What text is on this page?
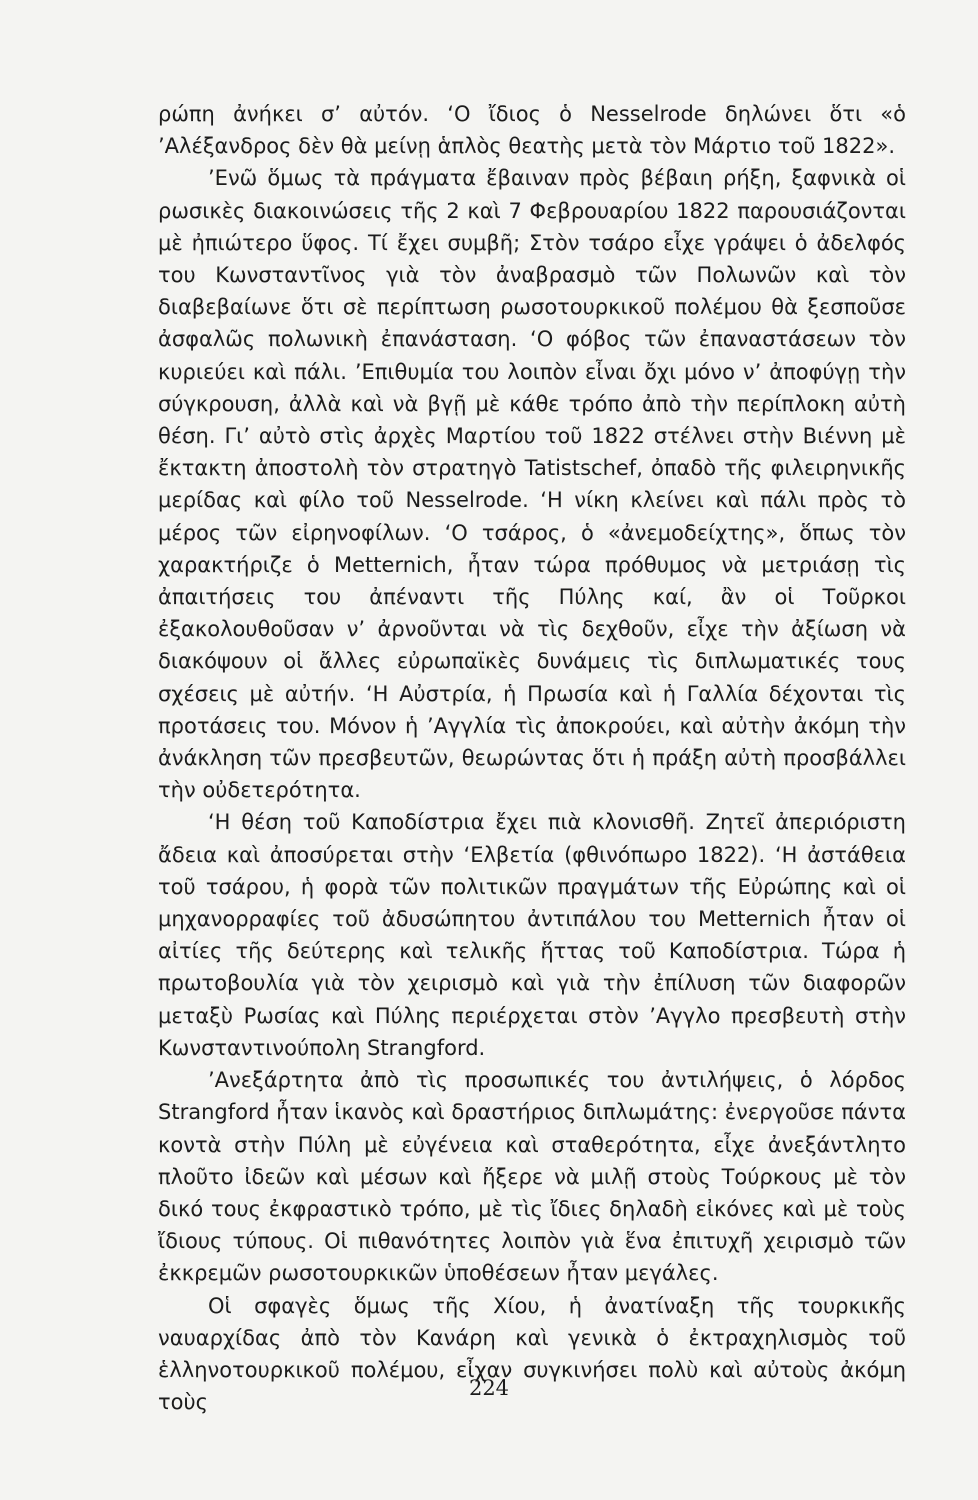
ρώπη ἀνήκει σ’ αὐτόν. ‘Ο ἴδιος ὁ Nesselrode δηλώνει ὅτι «ὁ ’Αλέξανδρος δὲν θὰ μείνῃ ἁπλὸς θεατὴς μετὰ τὸν Μάρτιο τοῦ 1822».

’Ενῶ ὅμως τὰ πράγματα ἔβαιναν πρὸς βέβαιη ρήξη, ξαφνικὰ οἱ ρωσικὲς διακοινώσεις τῆς 2 καὶ 7 Φεβρουαρίου 1822 παρουσιάζονται μὲ ἠπιώτερο ὕφος. Τί ἔχει συμβῆ; Στὸν τσάρο εἶχε γράψει ὁ ἀδελφός του Κωνσταντῖνος γιὰ τὸν ἀναβρασμὸ τῶν Πολωνῶν καὶ τὸν διαβεβαίωνε ὅτι σὲ περίπτωση ρωσοτουρκικοῦ πολέμου θὰ ξεσποῦσε ἀσφαλῶς πολωνικὴ ἐπανάσταση. ‘Ο φόβος τῶν ἐπαναστάσεων τὸν κυριεύει καὶ πάλι. ’Επιθυμία του λοιπὸν εἶναι ὄχι μόνο ν’ ἀποφύγῃ τὴν σύγκρουση, ἀλλὰ καὶ νὰ βγῇ μὲ κάθε τρόπο ἀπὸ τὴν περίπλοκη αὐτὴ θέση. Γι’ αὐτὸ στὶς ἀρχὲς Μαρτίου τοῦ 1822 στέλνει στὴν Βιέννη μὲ ἔκτακτη ἀποστολὴ τὸν στρατηγὸ Tatistschef, ὀπαδὸ τῆς φιλειρηνικῆς μερίδας καὶ φίλο τοῦ Nesselrode. ‘Η νίκη κλείνει καὶ πάλι πρὸς τὸ μέρος τῶν εἰρηνοφίλων. ‘Ο τσάρος, ὁ «ἀνεμοδείχτης», ὅπως τὸν χαρακτήριζε ὁ Metternich, ἦταν τώρα πρόθυμος νὰ μετριάσῃ τὶς ἀπαιτήσεις του ἀπέναντι τῆς Πύλης καί, ἂν οἱ Τοῦρκοι ἐξακολουθοῦσαν ν’ ἀρνοῦνται νὰ τὶς δεχθοῦν, εἶχε τὴν ἀξίωση νὰ διακόψουν οἱ ἄλλες εὐρωπαϊκὲς δυνάμεις τὶς διπλωματικές τους σχέσεις μὲ αὐτήν. ‘Η Αὐστρία, ἡ Πρωσία καὶ ἡ Γαλλία δέχονται τὶς προτάσεις του. Μόνον ἡ ’Αγγλία τὶς ἀποκρούει, καὶ αὐτὴν ἀκόμη τὴν ἀνάκληση τῶν πρεσβευτῶν, θεωρώντας ὅτι ἡ πράξη αὐτὴ προσβάλλει τὴν οὐδετερότητα.

‘Η θέση τοῦ Καποδίστρια ἔχει πιὰ κλονισθῆ. Ζητεῖ ἀπεριόριστη ἄδεια καὶ ἀποσύρεται στὴν ‘Ελβετία (φθινόπωρο 1822). ‘Η ἀστάθεια τοῦ τσάρου, ἡ φορὰ τῶν πολιτικῶν πραγμάτων τῆς Εὐρώπης καὶ οἱ μηχανορραφίες τοῦ ἀδυσώπητου ἀντιπάλου του Metternich ἦταν οἱ αἰτίες τῆς δεύτερης καὶ τελικῆς ἥττας τοῦ Καποδίστρια. Τώρα ἡ πρωτοβουλία γιὰ τὸν χειρισμὸ καὶ γιὰ τὴν ἐπίλυση τῶν διαφορῶν μεταξὺ Ρωσίας καὶ Πύλης περιέρχεται στὸν ’Αγγλο πρεσβευτὴ στὴν Κωνσταντινούπολη Strangford.

’Ανεξάρτητα ἀπὸ τὶς προσωπικές του ἀντιλήψεις, ὁ λόρδος Strangford ἦταν ἱκανὸς καὶ δραστήριος διπλωμάτης: ἐνεργοῦσε πάντα κοντὰ στὴν Πύλη μὲ εὐγένεια καὶ σταθερότητα, εἶχε ἀνεξάντλητο πλοῦτο ἰδεῶν καὶ μέσων καὶ ἤξερε νὰ μιλῇ στοὺς Τούρκους μὲ τὸν δικό τους ἐκφραστικὸ τρόπο, μὲ τὶς ἴδιες δηλαδὴ εἰκόνες καὶ μὲ τοὺς ἴδιους τύπους. Οἱ πιθανότητες λοιπὸν γιὰ ἕνα ἐπιτυχῆ χειρισμὸ τῶν ἐκκρεμῶν ρωσοτουρκικῶν ὑποθέσεων ἦταν μεγάλες.

Οἱ σφαγὲς ὅμως τῆς Χίου, ἡ ἀνατίναξη τῆς τουρκικῆς ναυαρχίδας ἀπὸ τὸν Κανάρη καὶ γενικὰ ὁ ἐκτραχηλισμὸς τοῦ ἑλληνοτουρκικοῦ πολέμου, εἶχαν συγκινήσει πολὺ καὶ αὐτοὺς ἀκόμη τοὺς

224
